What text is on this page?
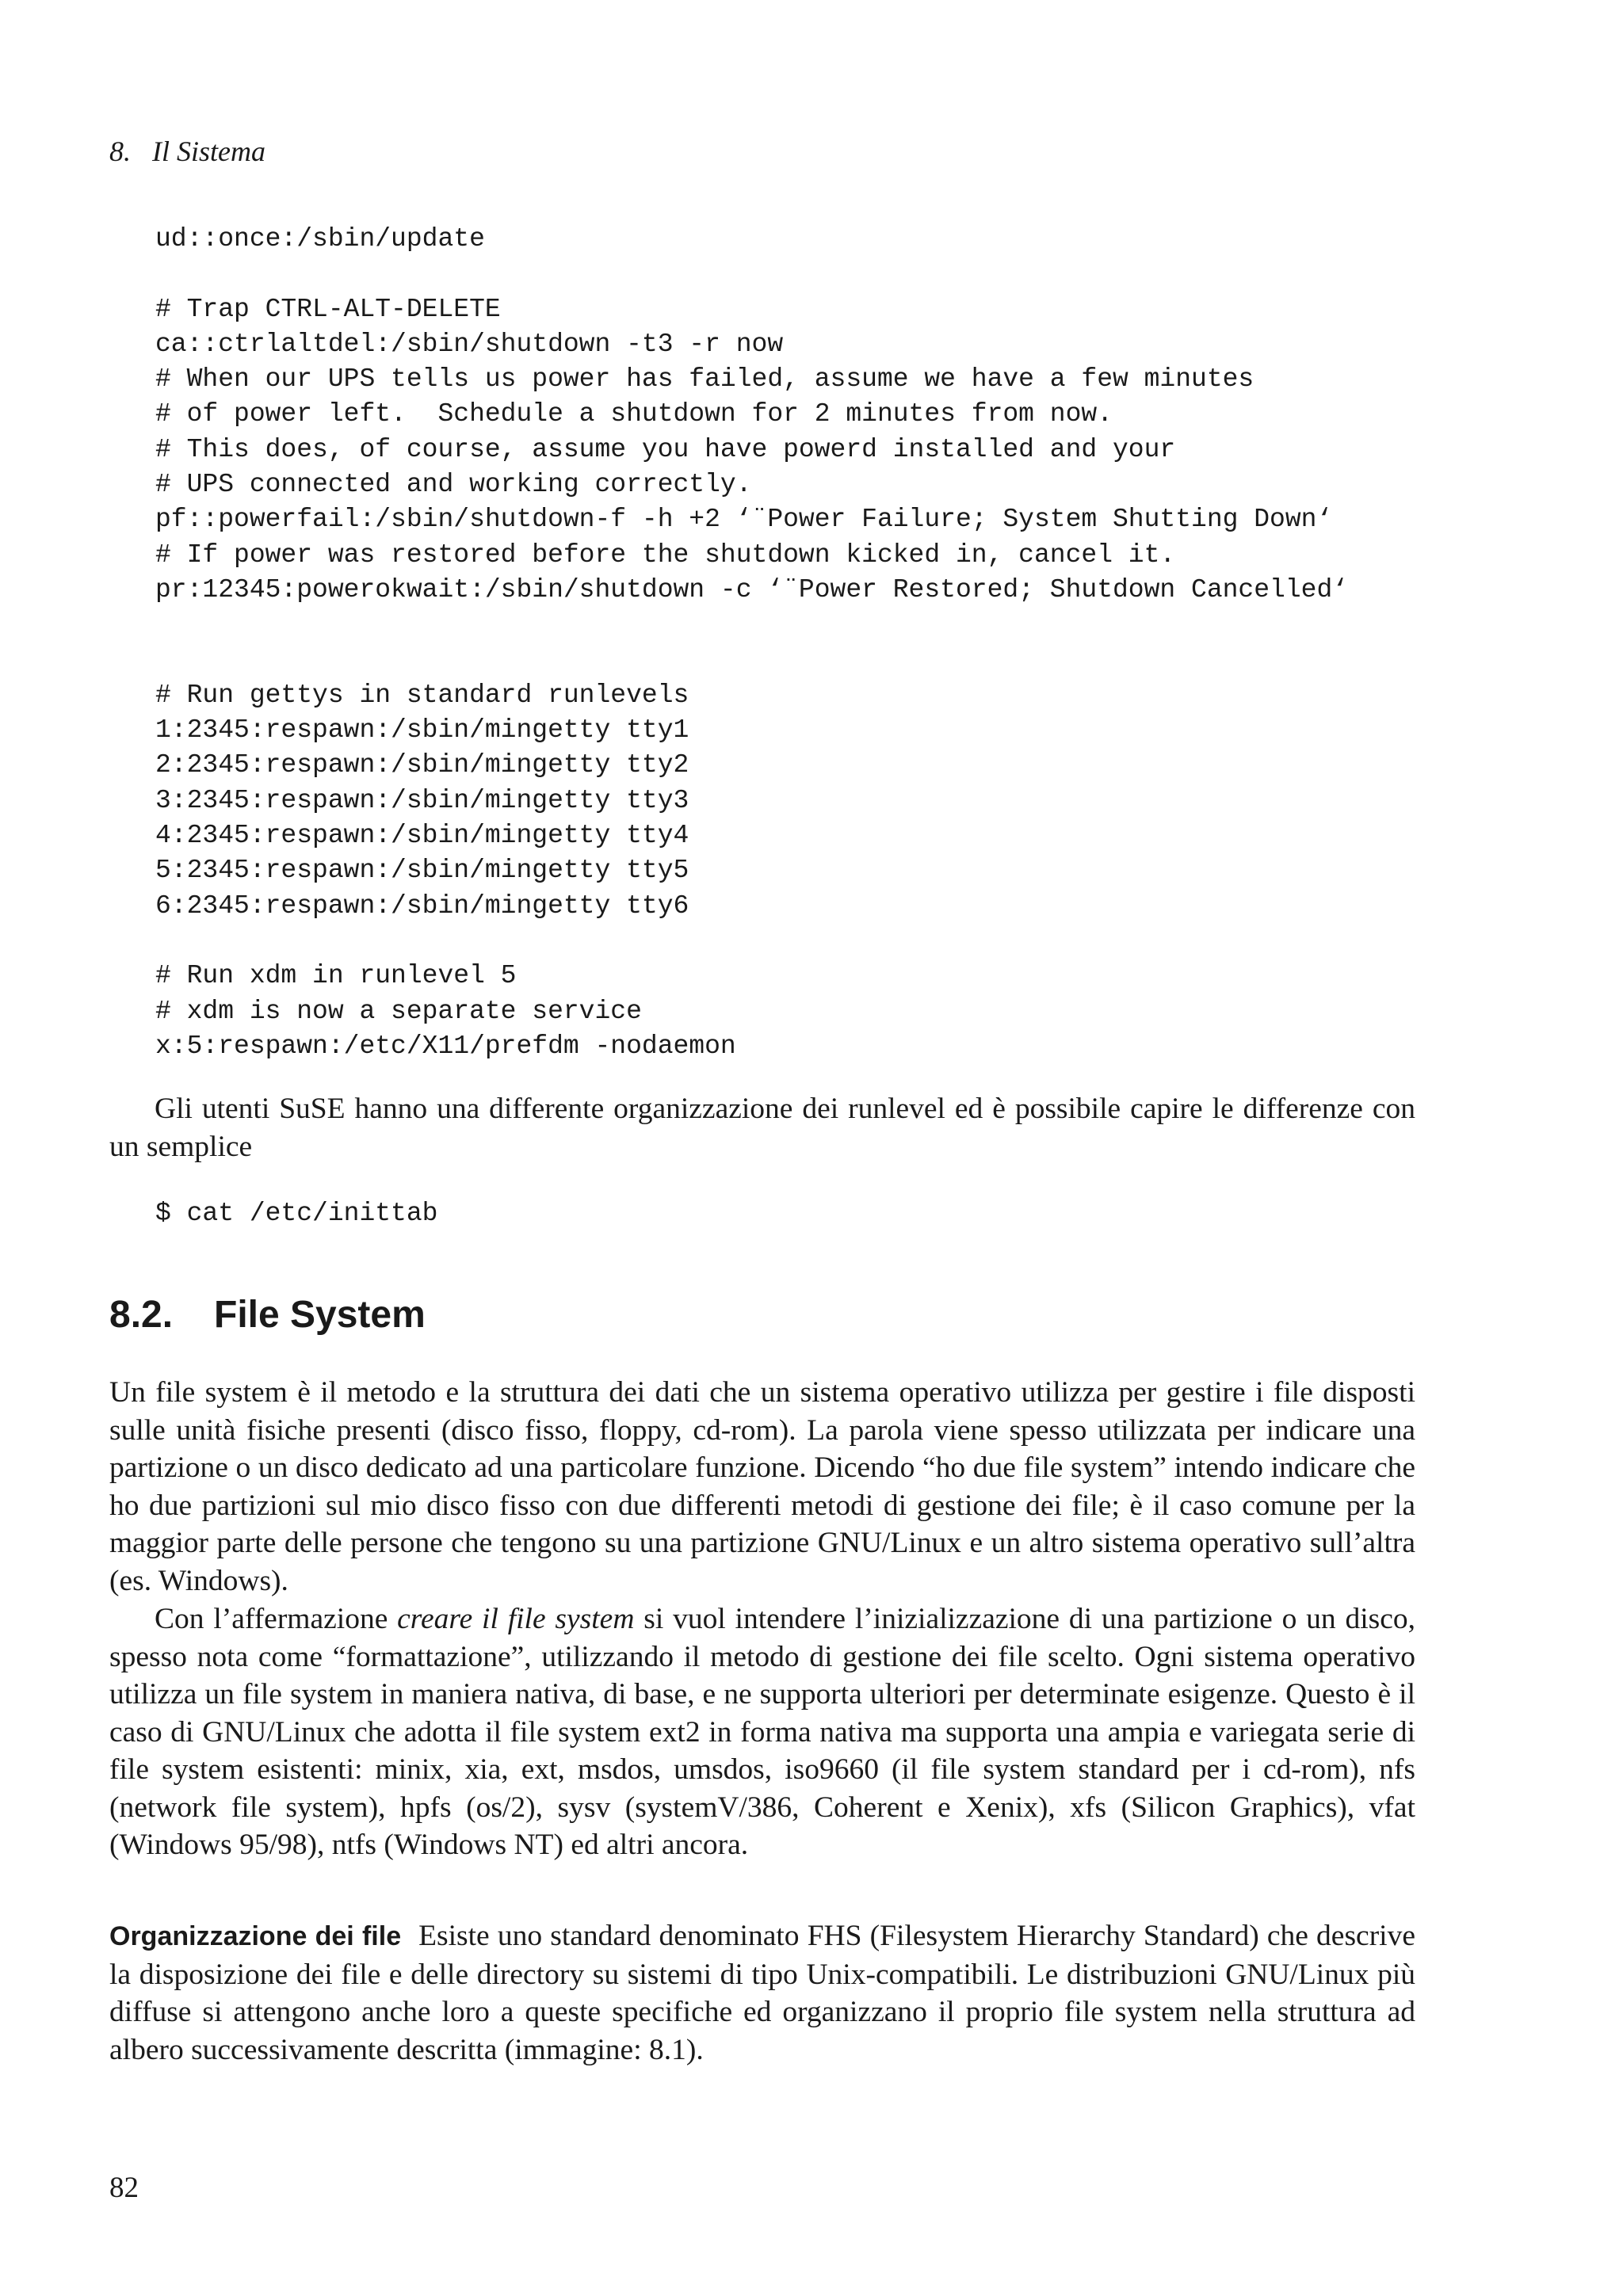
8.   Il Sistema
ud::once:/sbin/update
# Trap CTRL-ALT-DELETE
ca::ctrlaltdel:/sbin/shutdown -t3 -r now
# When our UPS tells us power has failed, assume we have a few minutes
# of power left.  Schedule a shutdown for 2 minutes from now.
# This does, of course, assume you have powerd installed and your
# UPS connected and working correctly.
pf::powerfail:/sbin/shutdown-f -h +2 ‘¨Power Failure; System Shutting Down‘
# If power was restored before the shutdown kicked in, cancel it.
pr:12345:powerokwait:/sbin/shutdown -c ‘¨Power Restored; Shutdown Cancelled‘
# Run gettys in standard runlevels
1:2345:respawn:/sbin/mingetty tty1
2:2345:respawn:/sbin/mingetty tty2
3:2345:respawn:/sbin/mingetty tty3
4:2345:respawn:/sbin/mingetty tty4
5:2345:respawn:/sbin/mingetty tty5
6:2345:respawn:/sbin/mingetty tty6
# Run xdm in runlevel 5
# xdm is now a separate service
x:5:respawn:/etc/X11/prefdm -nodaemon

Gli utenti SuSE hanno una differente organizzazione dei runlevel ed è possibile capire le differenze con un semplice

$ cat /etc/inittab
8.2. File System

Un file system è il metodo e la struttura dei dati che un sistema operativo utilizza per gestire i file disposti sulle unità fisiche presenti (disco fisso, floppy, cd-rom). La parola viene spesso utilizzata per indicare una partizione o un disco dedicato ad una particolare funzione. Dicendo “ho due file system” intendo indicare che ho due partizioni sul mio disco fisso con due differenti metodi di gestione dei file; è il caso comune per la maggior parte delle persone che tengono su una partizione GNU/Linux e un altro sistema operativo sull’altra (es. Windows).

Con l’affermazione creare il file system si vuol intendere l’inizializzazione di una partizione o un disco, spesso nota come “formattazione”, utilizzando il metodo di gestione dei file scelto. Ogni sistema operativo utilizza un file system in maniera nativa, di base, e ne supporta ulteriori per determinate esigenze. Questo è il caso di GNU/Linux che adotta il file system ext2 in forma nativa ma supporta una ampia e variegata serie di file system esistenti: minix, xia, ext, msdos, umsdos, iso9660 (il file system standard per i cd-rom), nfs (network file system), hpfs (os/2), sysv (systemV/386, Coherent e Xenix), xfs (Silicon Graphics), vfat (Windows 95/98), ntfs (Windows NT) ed altri ancora.

Organizzazione dei file Esiste uno standard denominato FHS (Filesystem Hierarchy Standard) che descrive la disposizione dei file e delle directory su sistemi di tipo Unix-compatibili. Le distribuzioni GNU/Linux più diffuse si attengono anche loro a queste specifiche ed organizzano il proprio file system nella struttura ad albero successivamente descritta (immagine: 8.1).

82
